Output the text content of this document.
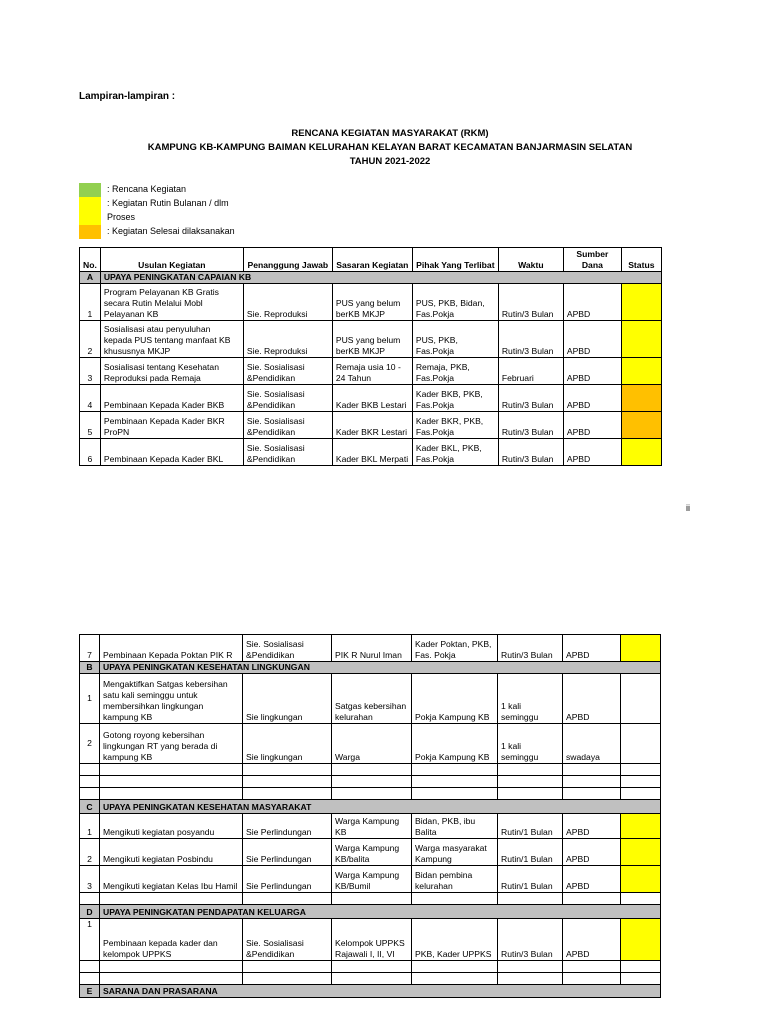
Lampiran-lampiran :
RENCANA KEGIATAN MASYARAKAT (RKM)
KAMPUNG KB-KAMPUNG BAIMAN KELURAHAN KELAYAN BARAT KECAMATAN BANJARMASIN SELATAN
TAHUN 2021-2022
: Rencana Kegiatan
: Kegiatan Rutin Bulanan / dlm
Proses
: Kegiatan Selesai dilaksanakan
No.	Usulan Kegiatan	Penanggung Jawab	Sasaran Kegiatan	Pihak Yang Terlibat	Waktu	Sumber Dana	Status
A	UPAYA PENINGKATAN CAPAIAN KB						
1	Program Pelayanan KB Gratis secara Rutin Melalui Mobl Pelayanan KB	Sie. Reproduksi	PUS yang belum berKB MKJP	PUS, PKB, Bidan, Fas.Pokja	Rutin/3 Bulan	APBD	
2	Sosialisasi atau penyuluhan kepada PUS tentang manfaat KB khususnya MKJP	Sie. Reproduksi	PUS yang belum berKB MKJP	PUS, PKB, Fas.Pokja	Rutin/3 Bulan	APBD	
3	Sosialisasi tentang Kesehatan Reproduksi pada Remaja	Sie. Sosialisasi &Pendidikan	Remaja usia 10 - 24 Tahun	Remaja, PKB, Fas.Pokja	Februari	APBD	
4	Pembinaan Kepada Kader BKB	Sie. Sosialisasi &Pendidikan	Kader BKB Lestari	Kader BKB, PKB, Fas.Pokja	Rutin/3 Bulan	APBD	
5	Pembinaan Kepada Kader BKR ProPN	Sie. Sosialisasi &Pendidikan	Kader BKR Lestari	Kader BKR, PKB, Fas.Pokja	Rutin/3 Bulan	APBD	
6	Pembinaan Kepada Kader BKL	Sie. Sosialisasi &Pendidikan	Kader BKL Merpati	Kader BKL, PKB, Fas.Pokja	Rutin/3 Bulan	APBD	
ii
7	Pembinaan Kepada Poktan PIK R	Sie. Sosialisasi &Pendidikan	PIK R Nurul Iman	Kader Poktan, PKB, Fas. Pokja	Rutin/3 Bulan	APBD	
B	UPAYA PENINGKATAN KESEHATAN LINGKUNGAN						
1	Mengaktifkan Satgas kebersihan satu kali seminggu untuk membersihkan lingkungan kampung KB	Sie lingkungan	Satgas kebersihan kelurahan	Pokja Kampung KB	1 kali seminggu	APBD	
2	Gotong royong kebersihan lingkungan RT yang berada di kampung KB	Sie lingkungan	Warga	Pokja Kampung KB	1 kali seminggu	swadaya	

C	UPAYA PENINGKATAN KESEHATAN MASYARAKAT						
1	Mengikuti kegiatan posyandu	Sie Perlindungan	Warga Kampung KB	Bidan, PKB, ibu Balita	Rutin/1 Bulan	APBD	
2	Mengikuti kegiatan Posbindu	Sie Perlindungan	Warga Kampung KB/balita	Warga masyarakat Kampung	Rutin/1 Bulan	APBD	
3	Mengikuti kegiatan Kelas Ibu Hamil	Sie Perlindungan	Warga Kampung KB/Bumil	Bidan pembina kelurahan	Rutin/1 Bulan	APBD	

D	UPAYA PENINGKATAN PENDAPATAN KELUARGA						
1	Pembinaan kepada kader dan kelompok UPPKS	Sie. Sosialisasi &Pendidikan	Kelompok UPPKS Rajawali I, II, VI	PKB, Kader UPPKS	Rutin/3 Bulan	APBD	

E	SARANA DAN PRASARANA						
